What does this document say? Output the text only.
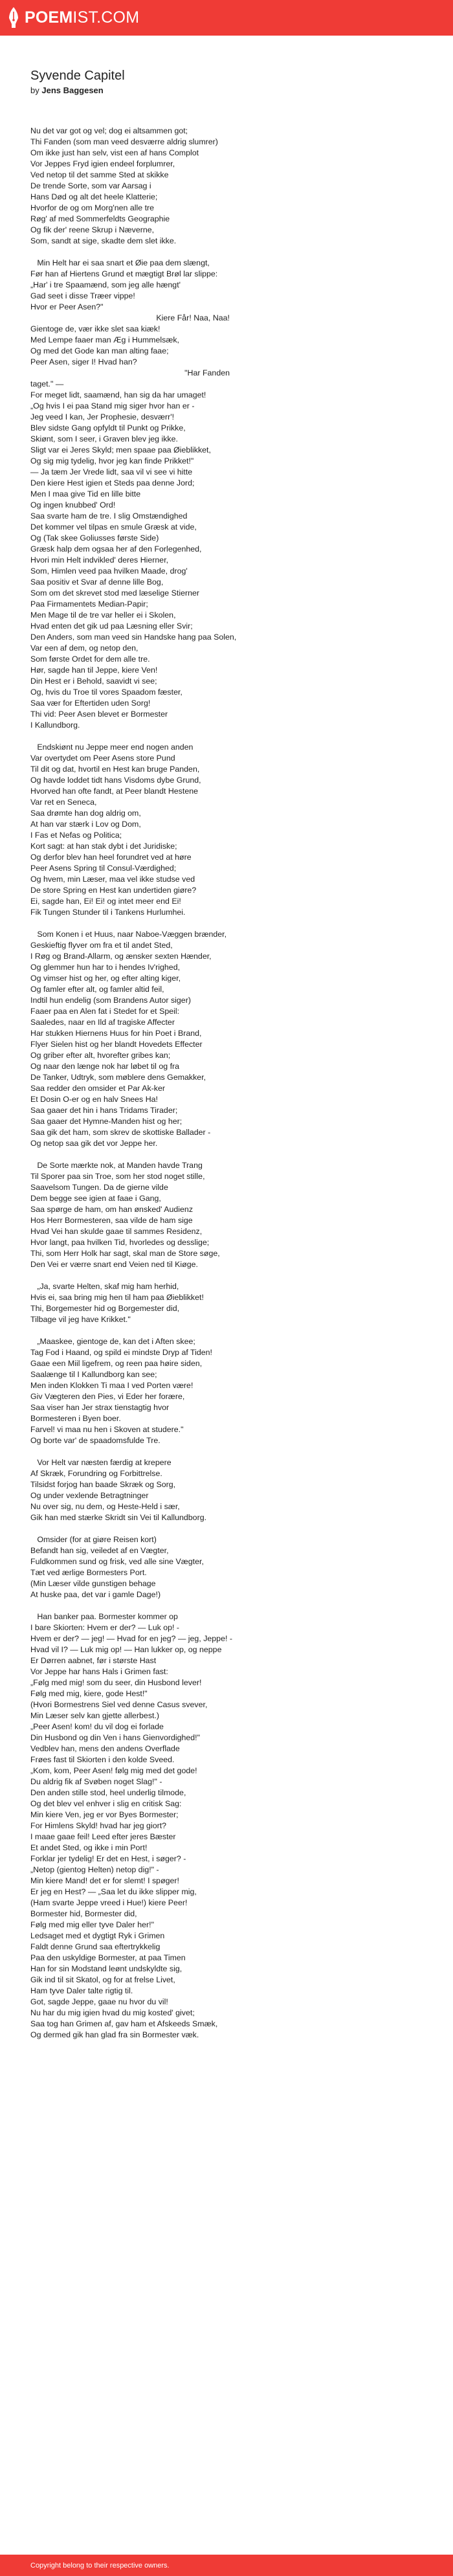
POEMIST.COM
Syvende Capitel
by Jens Baggesen
Nu det var got og vel; dog ei altsammen got;
Thi Fanden (som man veed desværre aldrig slumrer)
Om ikke just han selv, vist een af hans Complot
Vor Jeppes Fryd igien endeel forplumrer,
Ved netop til det samme Sted at skikke
De trende Sorte, som var Aarsag i
Hans Død og alt det heele Klatterie;
Hvorfor de og om Morg'nen alle tre
Røg' af med Sommerfeldts Geographie
Og fik der' reene Skrup i Næverne,
Som, sandt at sige, skadte dem slet ikke.
Min Helt har ei saa snart et Øie paa dem slængt,
Før han af Hiertens Grund et mægtigt Brøl lar slippe:
„Har' i tre Spaamænd, som jeg alle hængt'
Gad seet i disse Træer vippe!
Hvor er Peer Asen?"
Kiere Får! Naa, Naa!
Gientoge de, vær ikke slet saa kiæk!
Med Lempe faaer man Æg i Hummelsæk,
Og med det Gode kan man alting faae;
Peer Asen, siger I! Hvad han?
"Har Fanden
taget." —
For meget lidt, saamænd, han sig da har umaget!
„Og hvis I ei paa Stand mig siger hvor han er -
Jeg veed I kan, Jer Prophesie, desværr'!
Blev sidste Gang opfyldt til Punkt og Prikke,
Skiønt, som I seer, i Graven blev jeg ikke.
Sligt var ei Jeres Skyld; men spaae paa Øieblikket,
Og sig mig tydelig, hvor jeg kan finde Prikket!"
— Ja tæm Jer Vrede lidt, saa vil vi see vi hitte
Den kiere Hest igien et Steds paa denne Jord;
Men I maa give Tid en lille bitte
Og ingen knubbed' Ord!
Saa svarte ham de tre. I slig Omstændighed
Det kommer vel tilpas en smule Græsk at vide,
Og (Tak skee Goliusses første Side)
Græsk halp dem ogsaa her af den Forlegenhed,
Hvori min Helt indvikled' deres Hierner,
Som, Himlen veed paa hvilken Maade, drog'
Saa positiv et Svar af denne lille Bog,
Som om det skrevet stod med læselige Stierner
Paa Firmamentets Median-Papir;
Men Mage til de tre var heller ei i Skolen,
Hvad enten det gik ud paa Læsning eller Svir;
Den Anders, som man veed sin Handske hang paa Solen,
Var een af dem, og netop den,
Som første Ordet for dem alle tre.
Hør, sagde han til Jeppe, kiere Ven!
Din Hest er i Behold, saavidt vi see;
Og, hvis du Troe til vores Spaadom fæster,
Saa vær for Eftertiden uden Sorg!
Thi vid: Peer Asen blevet er Bormester
I Kallundborg.
Endskiønt nu Jeppe meer end nogen anden
Var overtydet om Peer Asens store Pund
Til dit og dat, hvortil en Hest kan bruge Panden,
Og havde loddet tidt hans Visdoms dybe Grund,
Hvorved han ofte fandt, at Peer blandt Hestene
Var ret en Seneca,
Saa drømte han dog aldrig om,
At han var stærk i Lov og Dom,
I Fas et Nefas og Politica;
Kort sagt: at han stak dybt i det Juridiske;
Og derfor blev han heel forundret ved at høre
Peer Asens Spring til Consul-Værdighed;
Og hvem, min Læser, maa vel ikke studse ved
De store Spring en Hest kan undertiden giøre?
Ei, sagde han, Ei! Ei! og intet meer end Ei!
Fik Tungen Stunder til i Tankens Hurlumhei.
Som Konen i et Huus, naar Naboe-Væggen brænder,
Geskieftig flyver om fra et til andet Sted,
I Røg og Brand-Allarm, og ænsker sexten Hænder,
Og glemmer hun har to i hendes Iv'righed,
Og vimser hist og her, og efter alting kiger,
Og famler efter alt, og famler altid feil,
Indtil hun endelig (som Brandens Autor siger)
Faaer paa en Alen fat i Stedet for et Speil:
Saaledes, naar en Ild af tragiske Affecter
Har stukken Hiernens Huus for hin Poet i Brand,
Flyer Sielen hist og her blandt Hovedets Effecter
Og griber efter alt, hvorefter gribes kan;
Og naar den længe nok har løbet til og fra
De Tanker, Udtryk, som møblere dens Gemakker,
Saa redder den omsider et Par Ak-ker
Et Dosin O-er og en halv Snees Ha!
Saa gaaer det hin i hans Tridams Tirader;
Saa gaaer det Hymne-Manden hist og her;
Saa gik det ham, som skrev de skottiske Ballader -
Og netop saa gik det vor Jeppe her.
De Sorte mærkte nok, at Manden havde Trang
Til Sporer paa sin Troe, som her stod noget stille,
Saavelsom Tungen. Da de gierne vilde
Dem begge see igien at faae i Gang,
Saa spørge de ham, om han ønsked' Audienz
Hos Herr Bormesteren, saa vilde de ham sige
Hvad Vei han skulde gaae til sammes Residenz,
Hvor langt, paa hvilken Tid, hvorledes og desslige;
Thi, som Herr Holk har sagt, skal man de Store søge,
Den Vei er værre snart end Veien ned til Kiøge.
„Ja, svarte Helten, skaf mig ham herhid,
Hvis ei, saa bring mig hen til ham paa Øieblikket!
Thi, Borgemester hid og Borgemester did,
Tilbage vil jeg have Krikket."
„Maaskee, gientoge de, kan det i Aften skee;
Tag Fod i Haand, og spild ei mindste Dryp af Tiden!
Gaae een Miil ligefrem, og reen paa høire siden,
Saalænge til I Kallundborg kan see;
Men inden Klokken Ti maa I ved Porten være!
Giv Vægteren den Pies, vi Eder her forære,
Saa viser han Jer strax tienstagtig hvor
Bormesteren i Byen boer.
Farvel! vi maa nu hen i Skoven at studere."
Og borte var' de spaadomsfulde Tre.
Vor Helt var næsten færdig at krepere
Af Skræk, Forundring og Forbittrelse.
Tilsidst forjog han baade Skræk og Sorg,
Og under vexlende Betragtninger
Nu over sig, nu dem, og Heste-Held i sær,
Gik han med stærke Skridt sin Vei til Kallundborg.
Omsider (for at giøre Reisen kort)
Befandt han sig, veiledet af en Vægter,
Fuldkommen sund og frisk, ved alle sine Vægter,
Tæt ved ærlige Bormesters Port.
(Min Læser vilde gunstigen behage
At huske paa, det var i gamle Dage!)
Han banker paa. Bormester kommer op
I bare Skiorten: Hvem er der? — Luk op! -
Hvem er der? — jeg! — Hvad for en jeg? — jeg, Jeppe! -
Hvad vil I? — Luk mig op! — Han lukker op, og neppe
Er Dørren aabnet, før i største Hast
Vor Jeppe har hans Hals i Grimen fast:
„Følg med mig! som du seer, din Husbond lever!
Følg med mig, kiere, gode Hest!"
(Hvori Bormestrens Siel ved denne Casus svever,
Min Læser selv kan gjette allerbest.)
„Peer Asen! kom! du vil dog ei forlade
Din Husbond og din Ven i hans Gienvordighed!"
Vedblev han, mens den andens Overflade
Frøes fast til Skiorten i den kolde Sveed.
„Kom, kom, Peer Asen! følg mig med det gode!
Du aldrig fik af Svøben noget Slag!" -
Den anden stille stod, heel underlig tilmode,
Og det blev vel enhver i slig en critisk Sag:
Min kiere Ven, jeg er vor Byes Bormester;
For Himlens Skyld! hvad har jeg giort?
I maae gaae feil! Leed efter jeres Bæster
Et andet Sted, og ikke i min Port!
Forklar jer tydelig! Er det en Hest, i søger? -
„Netop (gientog Helten) netop dig!" -
Min kiere Mand! det er for slemt! I spøger!
Er jeg en Hest? — „Saa let du ikke slipper mig,
(Ham svarte Jeppe vreed i Hue!) kiere Peer!
Bormester hid, Bormester did,
Følg med mig eller tyve Daler her!"
Ledsaget med et dygtigt Ryk i Grimen
Faldt denne Grund saa eftertrykkelig
Paa den uskyldige Bormester, at paa Timen
Han for sin Modstand leønt undskyldte sig,
Gik ind til sit Skatol, og for at frelse Livet,
Ham tyve Daler talte rigtig til.
Got, sagde Jeppe, gaae nu hvor du vil!
Nu har du mig igien hvad du mig kosted' givet;
Saa tog han Grimen af, gav ham et Afskeeds Smæk,
Og dermed gik han glad fra sin Bormester væk.
Copyright belong to their respective owners.
